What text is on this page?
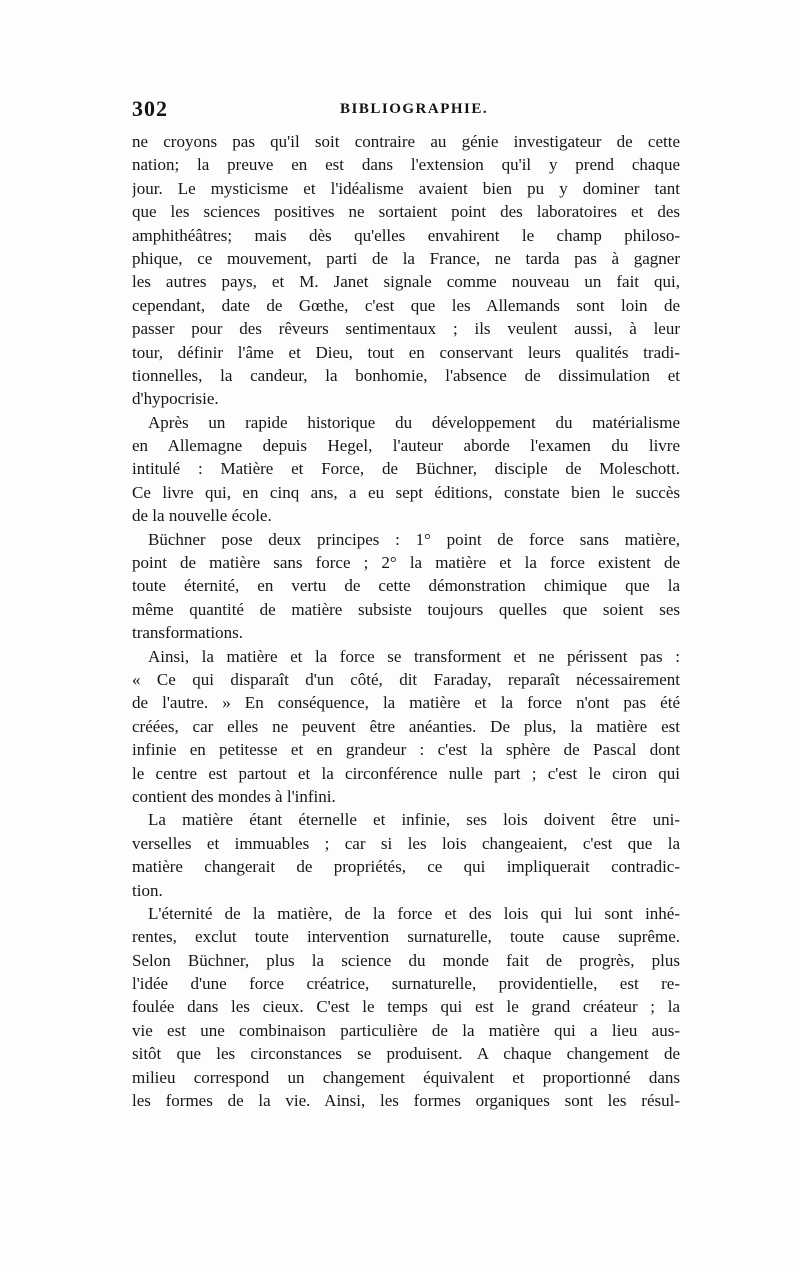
302	BIBLIOGRAPHIE.
ne croyons pas qu'il soit contraire au génie investigateur de cette
nation; la preuve en est dans l'extension qu'il y prend chaque
jour. Le mysticisme et l'idéalisme avaient bien pu y dominer tant
que les sciences positives ne sortaient point des laboratoires et des
amphithéâtres; mais dès qu'elles envahirent le champ philoso-
phique, ce mouvement, parti de la France, ne tarda pas à gagner
les autres pays, et M. Janet signale comme nouveau un fait qui,
cependant, date de Gœthe, c'est que les Allemands sont loin de
passer pour des rêveurs sentimentaux ; ils veulent aussi, à leur
tour, définir l'âme et Dieu, tout en conservant leurs qualités tradi-
tionnelles, la candeur, la bonhomie, l'absence de dissimulation et
d'hypocrisie.
Après un rapide historique du développement du matérialisme
en Allemagne depuis Hegel, l'auteur aborde l'examen du livre
intitulé : Matière et Force, de Büchner, disciple de Moleschott.
Ce livre qui, en cinq ans, a eu sept éditions, constate bien le succès
de la nouvelle école.
Büchner pose deux principes : 1° point de force sans matière,
point de matière sans force ; 2° la matière et la force existent de
toute éternité, en vertu de cette démonstration chimique que la
même quantité de matière subsiste toujours quelles que soient ses
transformations.
Ainsi, la matière et la force se transforment et ne périssent pas :
« Ce qui disparaît d'un côté, dit Faraday, reparaît nécessairement
de l'autre. » En conséquence, la matière et la force n'ont pas été
créées, car elles ne peuvent être anéanties. De plus, la matière est
infinie en petitesse et en grandeur : c'est la sphère de Pascal dont
le centre est partout et la circonférence nulle part ; c'est le ciron qui
contient des mondes à l'infini.
La matière étant éternelle et infinie, ses lois doivent être uni-
verselles et immuables ; car si les lois changeaient, c'est que la
matière changerait de propriétés, ce qui impliquerait contradic-
tion.
L'éternité de la matière, de la force et des lois qui lui sont inhé-
rentes, exclut toute intervention surnaturelle, toute cause suprême.
Selon Büchner, plus la science du monde fait de progrès, plus
l'idée d'une force créatrice, surnaturelle, providentielle, est re-
foulée dans les cieux. C'est le temps qui est le grand créateur ; la
vie est une combinaison particulière de la matière qui a lieu aus-
sitôt que les circonstances se produisent. A chaque changement de
milieu correspond un changement équivalent et proportionné dans
les formes de la vie. Ainsi, les formes organiques sont les résul-
